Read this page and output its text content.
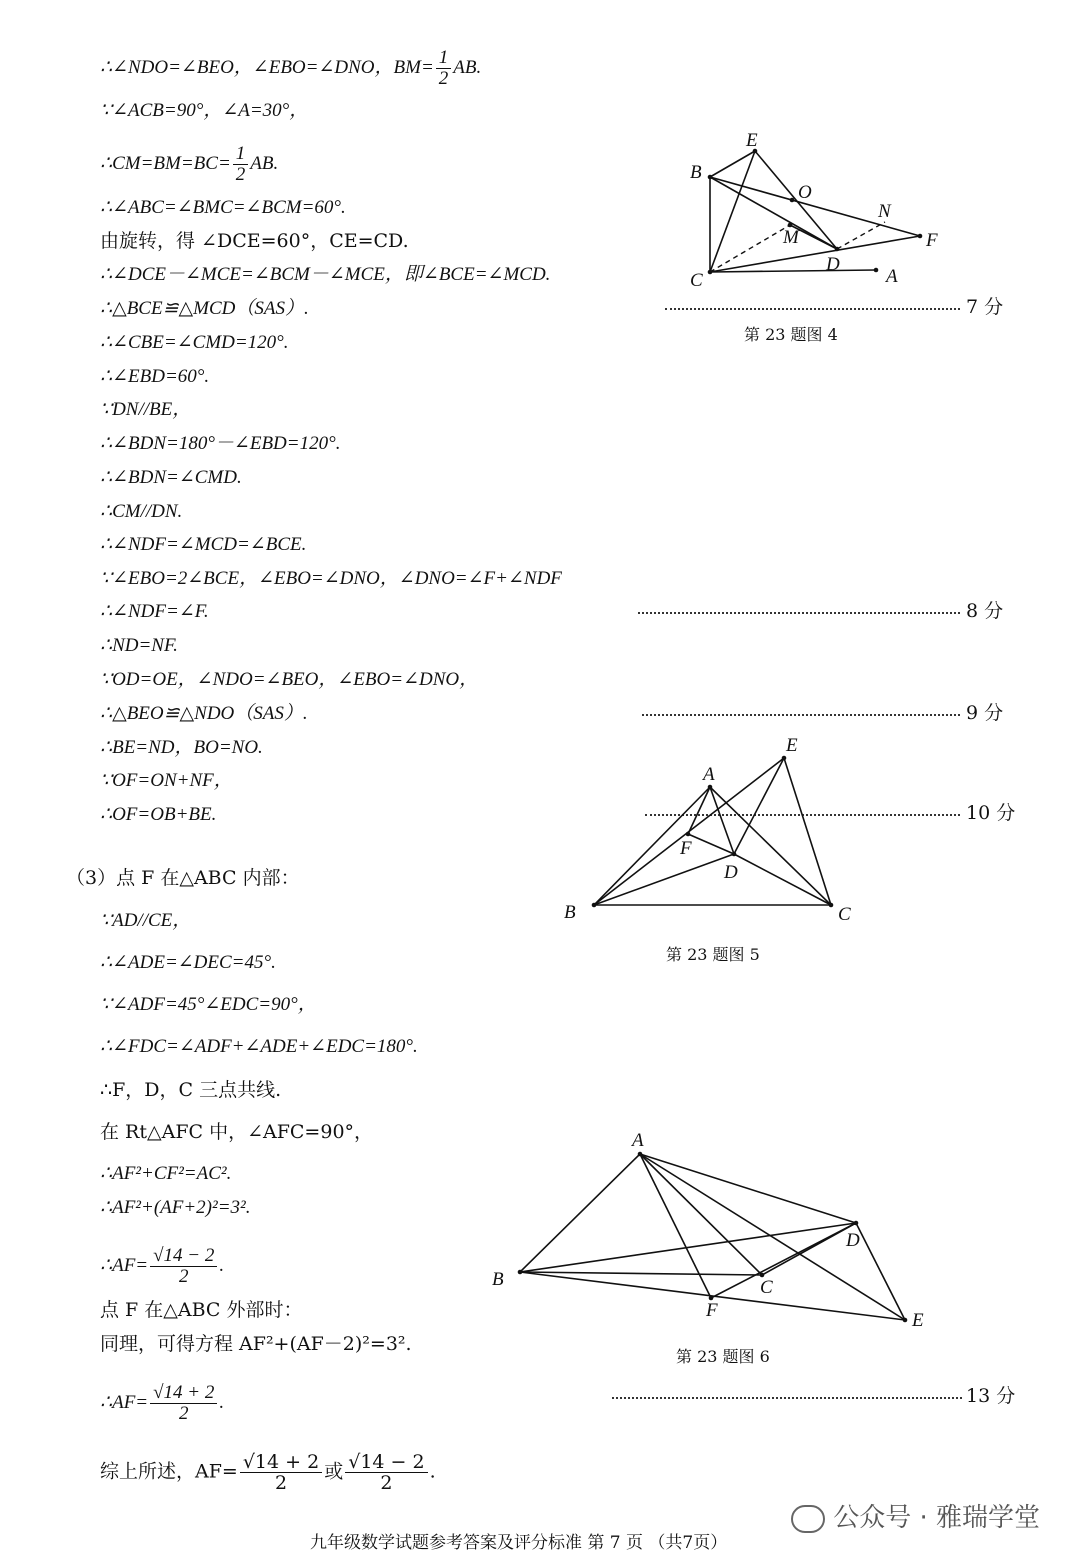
∴∠NDO=∠BEO，∠EBO=∠DNO，$BM= \frac{1}{2}$ AB.
∵∠ACB=90°，∠A=30°，
∴CM=BM=BC= $\frac{1}{2}$ AB.
∴∠ABC=∠BMC=∠BCM=60°.
由旋转，得 ∠DCE=60°，CE=CD.
∴∠DCE－∠MCE=∠BCM－∠MCE，即∠BCE=∠MCD.
∴△BCE≌△MCD（SAS）.
∴∠CBE=∠CMD=120°.
∴∠EBD=60°.
∵DN//BE，
∴∠BDN=180°－∠EBD=120°.
∴∠BDN=∠CMD.
∴CM//DN.
∴∠NDF=∠MCD=∠BCE.
∵∠EBO=2∠BCE，∠EBO=∠DNO，∠DNO=∠F+∠NDF
∴∠NDF=∠F.
∴ND=NF.
∵OD=OE，∠NDO=∠BEO，∠EBO=∠DNO，
∴△BEO≌△NDO（SAS）.
∴BE=ND，BO=NO.
∵OF=ON+NF，
∴OF=OB+BE.
（3）点 F 在△ABC 内部：
∵AD//CE，
∴∠ADE=∠DEC=45°.
∵∠ADF=45°∠EDC=90°，
∴∠FDC=∠ADF+∠ADE+∠EDC=180°.
∴F，D，C 三点共线.
在 Rt△AFC 中，∠AFC=90°，
∴AF²+CF²=AC².
∴AF²+(AF+2)²=3².
∴AF= $\frac{√14 - 2}{2}$ .
点 F 在△ABC 外部时：
同理，可得方程 AF²+(AF－2)²=3².
∴AF= $\frac{√14 + 2}{2}$ .
综上所述，$AF= \frac{√14 + 2}{2}$ 或 $\frac{√14 - 2}{2}$ .
7 分
8 分
9 分
10 分
13 分
B
E
O
N
M	F
C
D
A
第 23 题图 4
A
E
F
D
B	C
第 23 题图 5
A
D
B	C
F	E
第 23 题图 6
公众号 · 雅瑞学堂
九年级数学试题参考答案及评分标准 第 7 页 （共7页）
